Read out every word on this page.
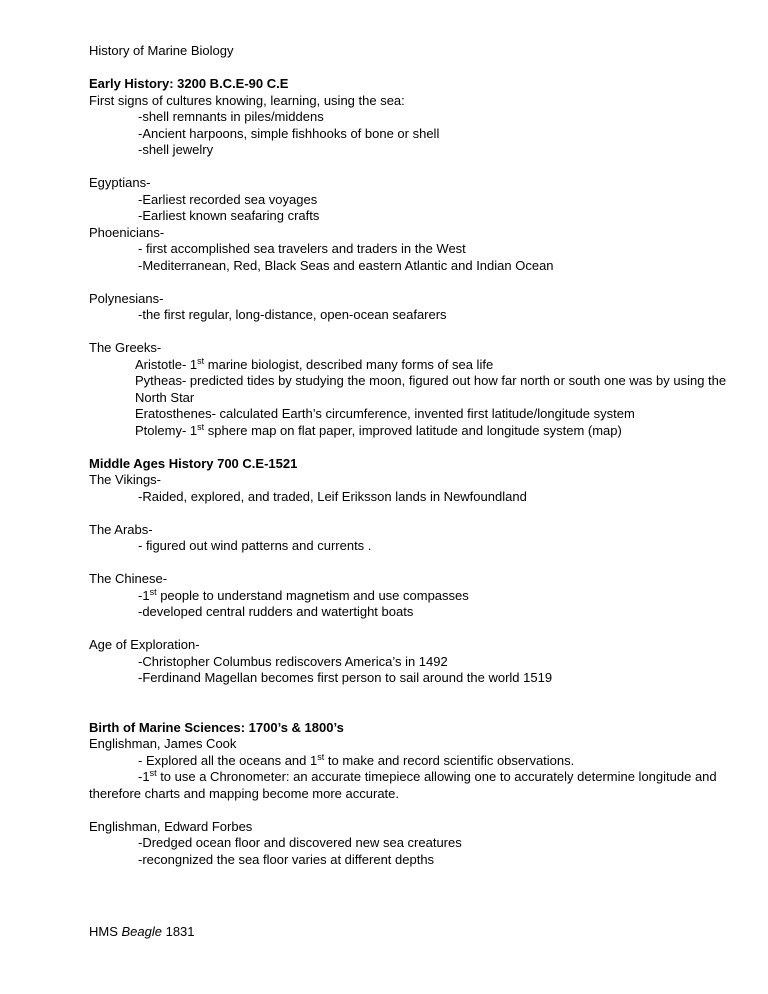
History of Marine Biology

Early History: 3200 B.C.E-90 C.E

First signs of cultures knowing, learning, using the sea:

-shell remnants in piles/middens

-Ancient harpoons, simple fishhooks of bone or shell

-shell jewelry

Egyptians-

-Earliest recorded sea voyages

-Earliest known seafaring crafts

Phoenicians-

- first accomplished sea travelers and traders in the West

-Mediterranean, Red, Black Seas and eastern Atlantic and Indian Ocean

Polynesians-

-the first regular, long-distance, open-ocean seafarers

The Greeks-

Aristotle- 1st marine biologist, described many forms of sea life

Pytheas- predicted tides by studying the moon, figured out how far north or south one was by using the North Star

Eratosthenes- calculated Earth’s circumference, invented first latitude/longitude system

Ptolemy- 1st sphere map on flat paper, improved latitude and longitude system (map)

Middle Ages History 700 C.E-1521

The Vikings-

-Raided, explored, and traded, Leif Eriksson lands in Newfoundland

The Arabs-

- figured out wind patterns and currents .

The Chinese-

-1st people to understand magnetism and use compasses

-developed central rudders and watertight boats

Age of Exploration-

-Christopher Columbus rediscovers America’s in 1492

-Ferdinand Magellan becomes first person to sail around the world 1519

Birth of Marine Sciences: 1700’s & 1800’s

Englishman, James Cook

- Explored all the oceans and 1st to make and record scientific observations.

-1st to use a Chronometer: an accurate timepiece allowing one to accurately determine longitude and therefore charts and mapping become more accurate.

Englishman, Edward Forbes

-Dredged ocean floor and discovered new sea creatures

-recongnized the sea floor varies at different depths

HMS Beagle 1831
